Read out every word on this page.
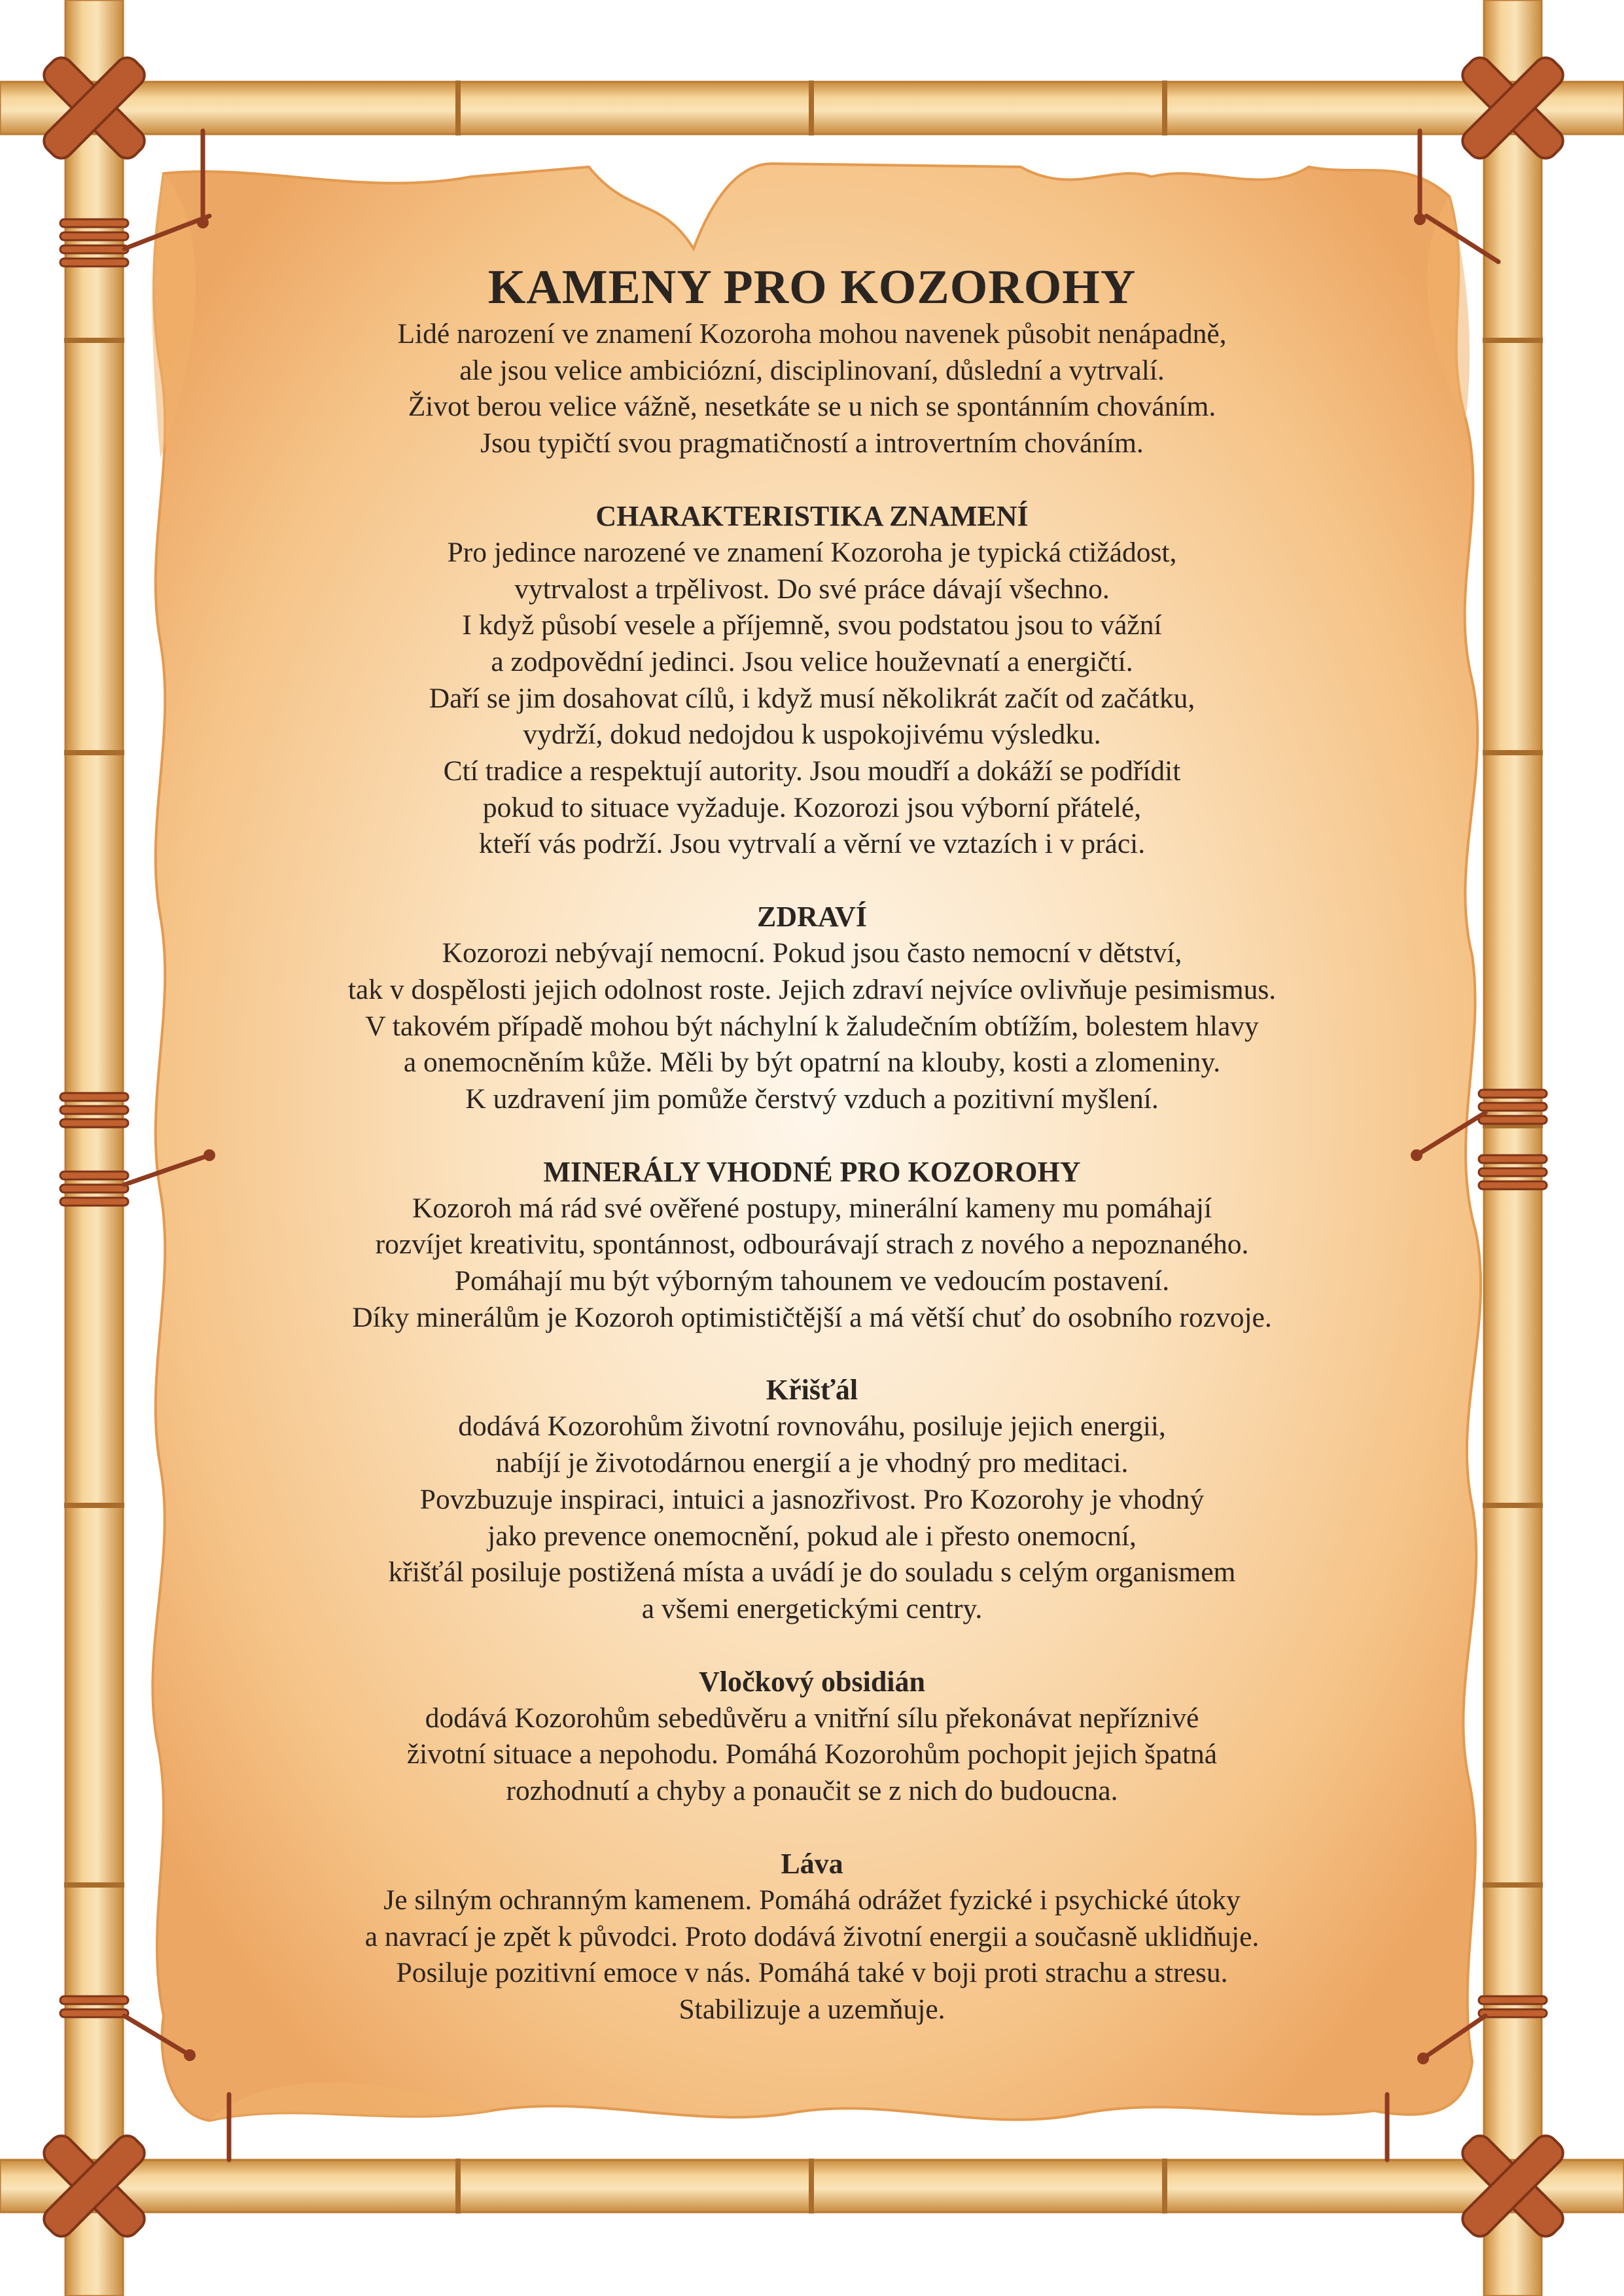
KAMENY PRO KOZOROHY
Lidé narození ve znamení Kozoroha mohou navenek působit nenápadně,
ale jsou velice ambiciózní, disciplinovaní, důslední a vytrvalí.
Život berou velice vážně, nesetkáte se u nich se spontánním chováním.
Jsou typičtí svou pragmatičností a introvertním chováním.
CHARAKTERISTIKA ZNAMENÍ
Pro jedince narozené ve znamení Kozoroha je typická ctižádost,
vytrvalost a trpělivost. Do své práce dávají všechno.
I když působí vesele a příjemně, svou podstatou jsou to vážní
a zodpovědní jedinci. Jsou velice houževnatí a energičtí.
Daří se jim dosahovat cílů, i když musí několikrát začít od začátku,
vydrží, dokud nedojdou k uspokojivému výsledku.
Ctí tradice a respektují autority. Jsou moudří a dokáží se podřídit
pokud to situace vyžaduje. Kozorozi jsou výborní přátelé,
kteří vás podrží. Jsou vytrvalí a věrní ve vztazích i v práci.
ZDRAVÍ
Kozorozi nebývají nemocní. Pokud jsou často nemocní v dětství,
tak v dospělosti jejich odolnost roste. Jejich zdraví nejvíce ovlivňuje pesimismus.
V takovém případě mohou být náchylní k žaludečním obtížím, bolestem hlavy
a onemocněním kůže. Měli by být opatrní na klouby, kosti a zlomeniny.
K uzdravení jim pomůže čerstvý vzduch a pozitivní myšlení.
MINERÁLY VHODNÉ PRO KOZOROHY
Kozoroh má rád své ověřené postupy, minerální kameny mu pomáhají
rozvíjet kreativitu, spontánnost, odbourávají strach z nového a nepoznaného.
Pomáhají mu být výborným tahounem ve vedoucím postavení.
Díky minerálům je Kozoroh optimističtější a má větší chuť do osobního rozvoje.
Křišťál
dodává Kozorohům životní rovnováhu, posiluje jejich energii,
nabíjí je životodárnou energií a je vhodný pro meditaci.
Povzbuzuje inspiraci, intuici a jasnozřivost. Pro Kozorohy je vhodný
jako prevence onemocnění, pokud ale i přesto onemocní,
křišťál posiluje postižená místa a uvádí je do souladu s celým organismem
a všemi energetickými centry.
Vločkový obsidián
dodává Kozorohům sebedůvěru a vnitřní sílu překonávat nepříznivé
životní situace a nepohodu. Pomáhá Kozorohům pochopit jejich špatná
rozhodnutí a chyby a ponaučit se z nich do budoucna.
Láva
Je silným ochranným kamenem. Pomáhá odrážet fyzické i psychické útoky
a navrací je zpět k původci. Proto dodává životní energii a současně uklidňuje.
Posiluje pozitivní emoce v nás. Pomáhá také v boji proti strachu a stresu.
Stabilizuje a uzemňuje.
